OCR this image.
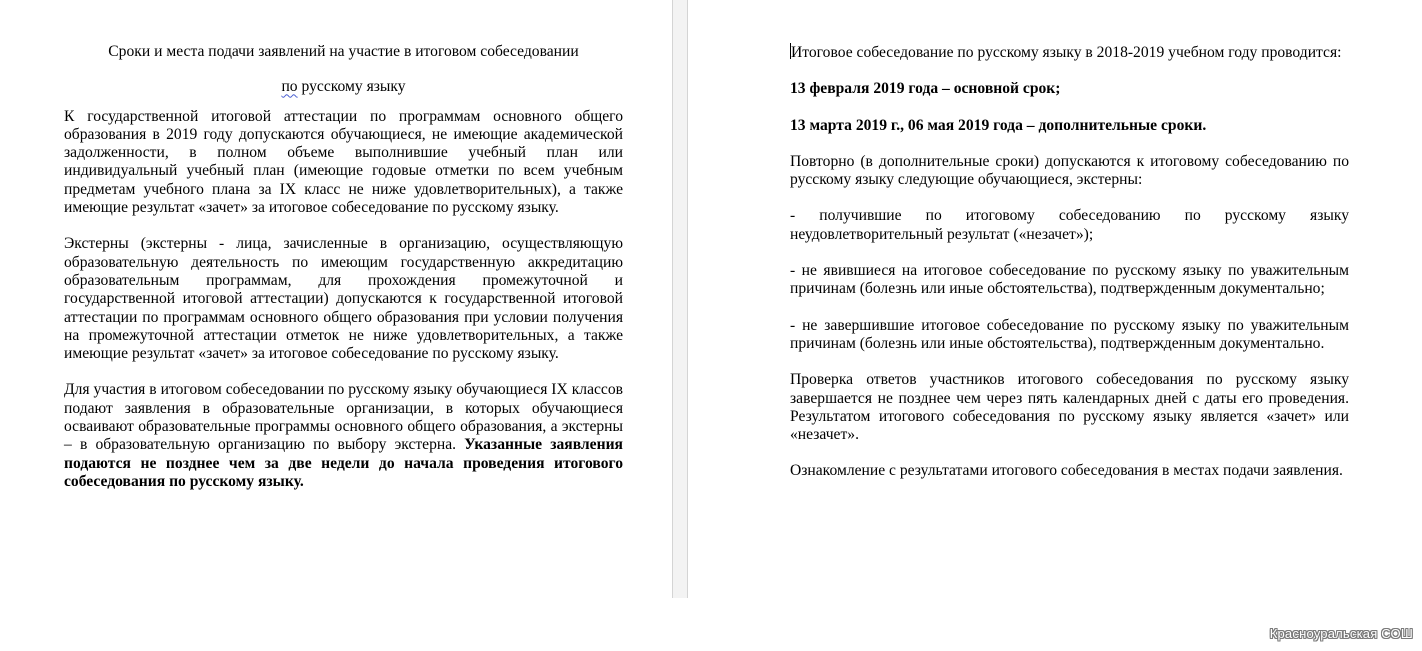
Сроки и места подачи заявлений на участие в итоговом собеседовании

по русскому языку

К государственной итоговой аттестации по программам основного общего образования в 2019 году допускаются обучающиеся, не имеющие академической задолженности, в полном объеме выполнившие учебный план или индивидуальный учебный план (имеющие годовые отметки по всем учебным предметам учебного плана за IX класс не ниже удовлетворительных), а также имеющие результат «зачет» за итоговое собеседование по русскому языку.

Экстерны (экстерны - лица, зачисленные в организацию, осуществляющую образовательную деятельность по имеющим государственную аккредитацию образовательным программам, для прохождения промежуточной и государственной итоговой аттестации) допускаются к государственной итоговой аттестации по программам основного общего образования при условии получения на промежуточной аттестации отметок не ниже удовлетворительных, а также имеющие результат «зачет» за итоговое собеседование по русскому языку.

Для участия в итоговом собеседовании по русскому языку обучающиеся IX классов подают заявления в образовательные организации, в которых обучающиеся осваивают образовательные программы основного общего образования, а экстерны – в образовательную организацию по выбору экстерна. Указанные заявления подаются не позднее чем за две недели до начала проведения итогового собеседования по русскому языку.

Итоговое собеседование по русскому языку в 2018-2019 учебном году проводится:

13 февраля 2019 года – основной срок;

13 марта 2019 г., 06 мая 2019 года – дополнительные сроки.

Повторно (в дополнительные сроки) допускаются к итоговому собеседованию по русскому языку следующие обучающиеся, экстерны:

- получившие по итоговому собеседованию по русскому языку неудовлетворительный результат («незачет»);

- не явившиеся на итоговое собеседование по русскому языку по уважительным причинам (болезнь или иные обстоятельства), подтвержденным документально;

- не завершившие итоговое собеседование по русскому языку по уважительным причинам (болезнь или иные обстоятельства), подтвержденным документально.

Проверка ответов участников итогового собеседования по русскому языку завершается не позднее чем через пять календарных дней с даты его проведения. Результатом итогового собеседования по русскому языку является «зачет» или «незачет».

Ознакомление с результатами итогового собеседования в местах подачи заявления.

Красноуральская СОШ
